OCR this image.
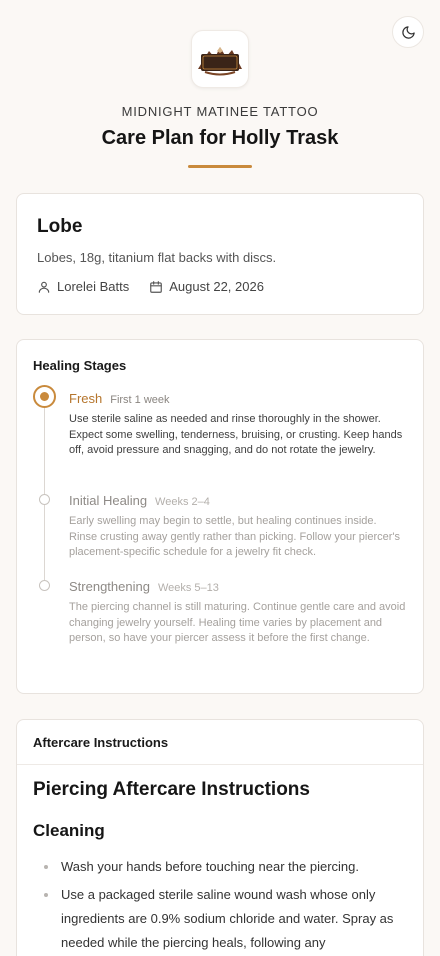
MIDNIGHT MATINEE TATTOO
Care Plan for Holly Trask
Lobe

Lobes, 18g, titanium flat backs with discs.

Lorelei Batts	August 22, 2026
Healing Stages
Fresh First 1 week

Use sterile saline as needed and rinse thoroughly in the shower. Expect some swelling, tenderness, bruising, or crusting. Keep hands off, avoid pressure and snagging, and do not rotate the jewelry.

Initial Healing Weeks 2–4

Early swelling may begin to settle, but healing continues inside. Rinse crusting away gently rather than picking. Follow your piercer's placement-specific schedule for a jewelry fit check.

Strengthening Weeks 5–13

The piercing channel is still maturing. Continue gentle care and avoid changing jewelry yourself. Healing time varies by placement and person, so have your piercer assess it before the first change.

Aftercare Instructions
Piercing Aftercare Instructions
Cleaning
Wash your hands before touching near the piercing.
Use a packaged sterile saline wound wash whose only ingredients are 0.9% sodium chloride and water. Spray as needed while the piercing heals, following any
